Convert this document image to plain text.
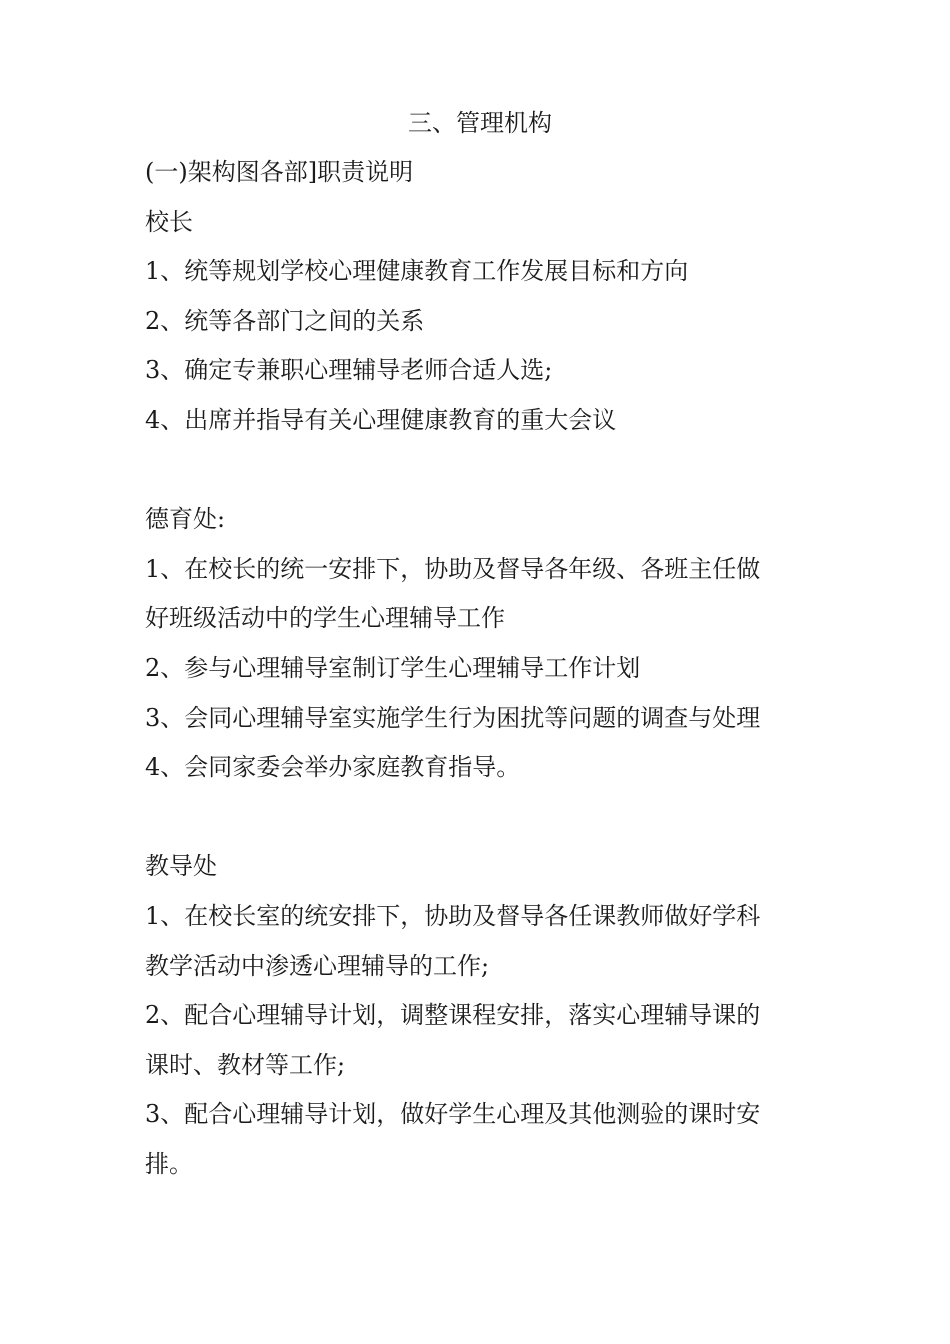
三、管理机构

(一)架构图各部]职责说明

校长

1、统等规划学校心理健康教育工作发展目标和方向

2、统等各部门之间的关系

3、确定专兼职心理辅导老师合适人选;

4、出席并指导有关心理健康教育的重大会议

德育处:

1、在校长的统一安排下，协助及督导各年级、各班主任做

好班级活动中的学生心理辅导工作

2、参与心理辅导室制订学生心理辅导工作计划

3、会同心理辅导室实施学生行为困扰等问题的调查与处理

4、会同家委会举办家庭教育指导。

教导处

1、在校长室的统安排下，协助及督导各任课教师做好学科

教学活动中渗透心理辅导的工作;

2、配合心理辅导计划，调整课程安排，落实心理辅导课的

课时、教材等工作;

3、配合心理辅导计划，做好学生心理及其他测验的课时安

排。
